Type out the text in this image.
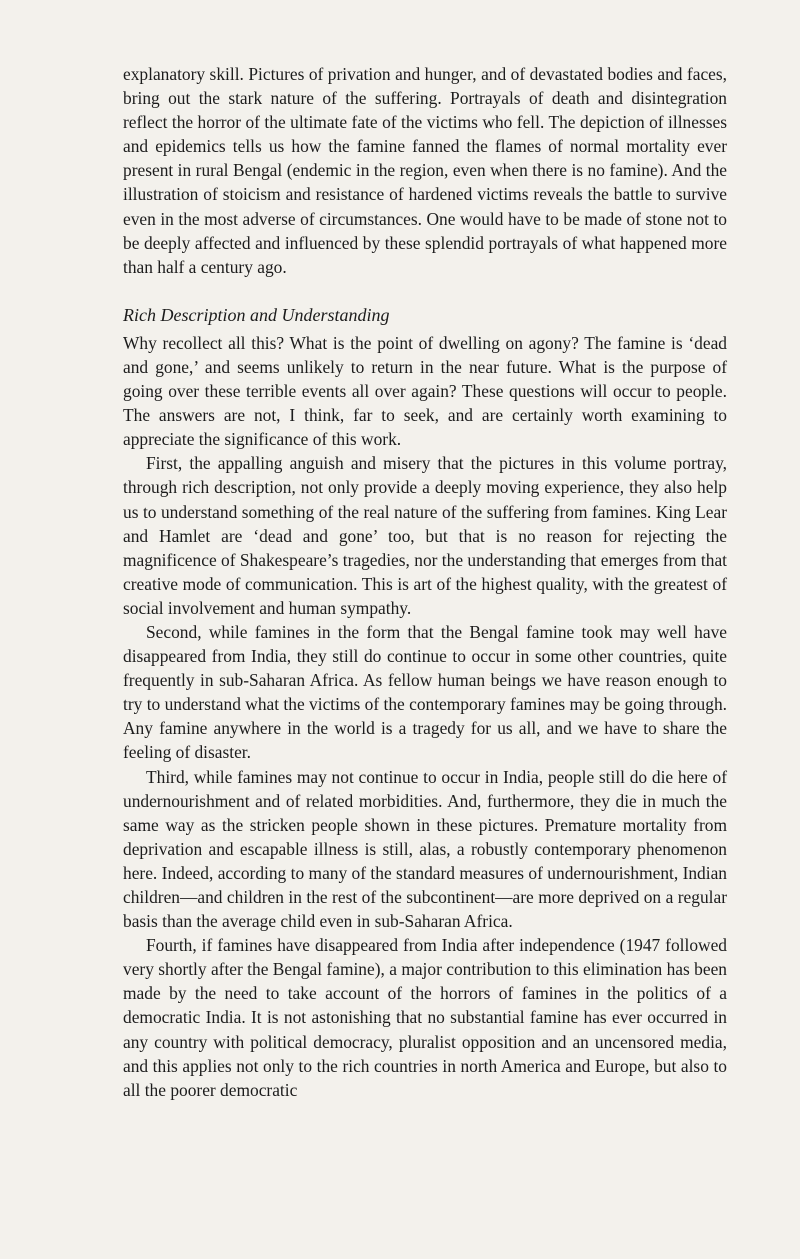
explanatory skill. Pictures of privation and hunger, and of devastated bodies and faces, bring out the stark nature of the suffering. Portrayals of death and disintegration reflect the horror of the ultimate fate of the victims who fell. The depiction of illnesses and epidemics tells us how the famine fanned the flames of normal mortality ever present in rural Bengal (endemic in the region, even when there is no famine). And the illustration of stoicism and resistance of hardened victims reveals the battle to survive even in the most adverse of circumstances. One would have to be made of stone not to be deeply affected and influenced by these splendid portrayals of what happened more than half a century ago.

Rich Description and Understanding

Why recollect all this? What is the point of dwelling on agony? The famine is ‘dead and gone,’ and seems unlikely to return in the near future. What is the purpose of going over these terrible events all over again? These questions will occur to people. The answers are not, I think, far to seek, and are certainly worth examining to appreciate the significance of this work.

First, the appalling anguish and misery that the pictures in this volume portray, through rich description, not only provide a deeply moving experience, they also help us to understand something of the real nature of the suffering from famines. King Lear and Hamlet are ‘dead and gone’ too, but that is no reason for rejecting the magnificence of Shakespeare’s tragedies, nor the understanding that emerges from that creative mode of communication. This is art of the highest quality, with the greatest of social involvement and human sympathy.

Second, while famines in the form that the Bengal famine took may well have disappeared from India, they still do continue to occur in some other countries, quite frequently in sub-Saharan Africa. As fellow human beings we have reason enough to try to understand what the victims of the contemporary famines may be going through. Any famine anywhere in the world is a tragedy for us all, and we have to share the feeling of disaster.

Third, while famines may not continue to occur in India, people still do die here of undernourishment and of related morbidities. And, furthermore, they die in much the same way as the stricken people shown in these pictures. Premature mortality from deprivation and escapable illness is still, alas, a robustly contemporary phenomenon here. Indeed, according to many of the standard measures of undernourishment, Indian children—and children in the rest of the subcontinent—are more deprived on a regular basis than the average child even in sub-Saharan Africa.

Fourth, if famines have disappeared from India after independence (1947 followed very shortly after the Bengal famine), a major contribution to this elimination has been made by the need to take account of the horrors of famines in the politics of a democratic India. It is not astonishing that no substantial famine has ever occurred in any country with political democracy, pluralist opposition and an uncensored media, and this applies not only to the rich countries in north America and Europe, but also to all the poorer democratic
